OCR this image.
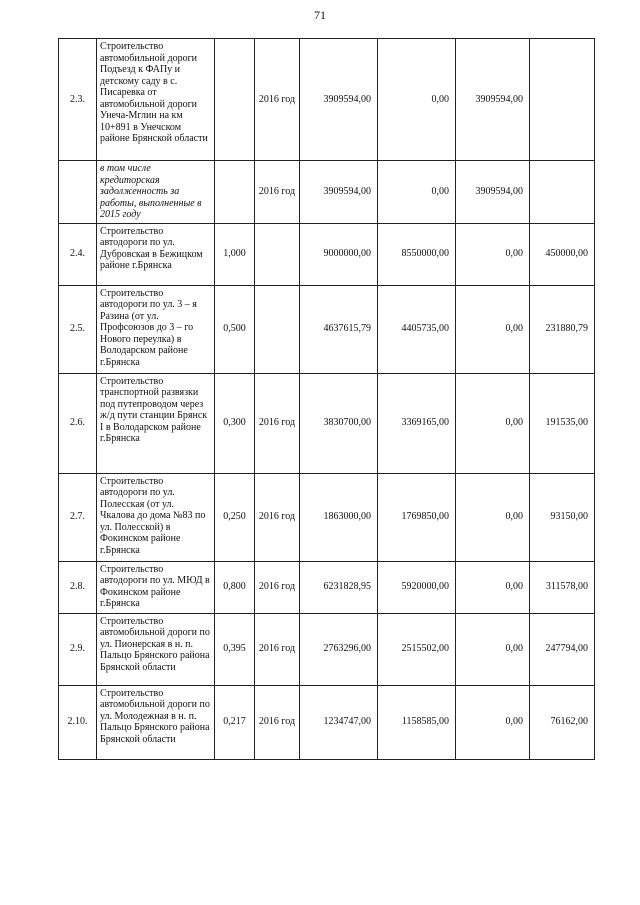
71
2.3.	Строительство автомобильной дороги Подъезд к ФАПу и детскому саду в с. Писаревка от автомобильной дороги Унеча-Мглин на км 10+891 в Унечском районе Брянской области		2016 год	3909594,00	0,00	3909594,00	
	в том числе кредиторская задолженность за работы, выполненные в 2015 году		2016 год	3909594,00	0,00	3909594,00	
2.4.	Строительство автодороги по ул. Дубровская в Бежицком районе г.Брянска	1,000		9000000,00	8550000,00	0,00	450000,00
2.5.	Строительство автодороги по ул. 3 – я Разина (от ул. Профсоюзов до 3 – го Нового переулка) в Володарском районе г.Брянска	0,500		4637615,79	4405735,00	0,00	231880,79
2.6.	Строительство транспортной развязки под путепроводом через ж/д пути станции Брянск I в Володарском районе г.Брянска	0,300	2016 год	3830700,00	3369165,00	0,00	191535,00
2.7.	Строительство автодороги по ул. Полесская (от ул. Чкалова до дома №83 по ул. Полесской) в Фокинском районе г.Брянска	0,250	2016 год	1863000,00	1769850,00	0,00	93150,00
2.8.	Строительство автодороги по ул. МЮД в Фокинском районе г.Брянска	0,800	2016 год	6231828,95	5920000,00	0,00	311578,00
2.9.	Строительство автомобильной дороги по ул. Пионерская в н. п. Пальцо Брянского района Брянской области	0,395	2016 год	2763296,00	2515502,00	0,00	247794,00
2.10.	Строительство автомобильной дороги по ул. Молодежная в н. п. Пальцо Брянского района Брянской области	0,217	2016 год	1234747,00	1158585,00	0,00	76162,00
